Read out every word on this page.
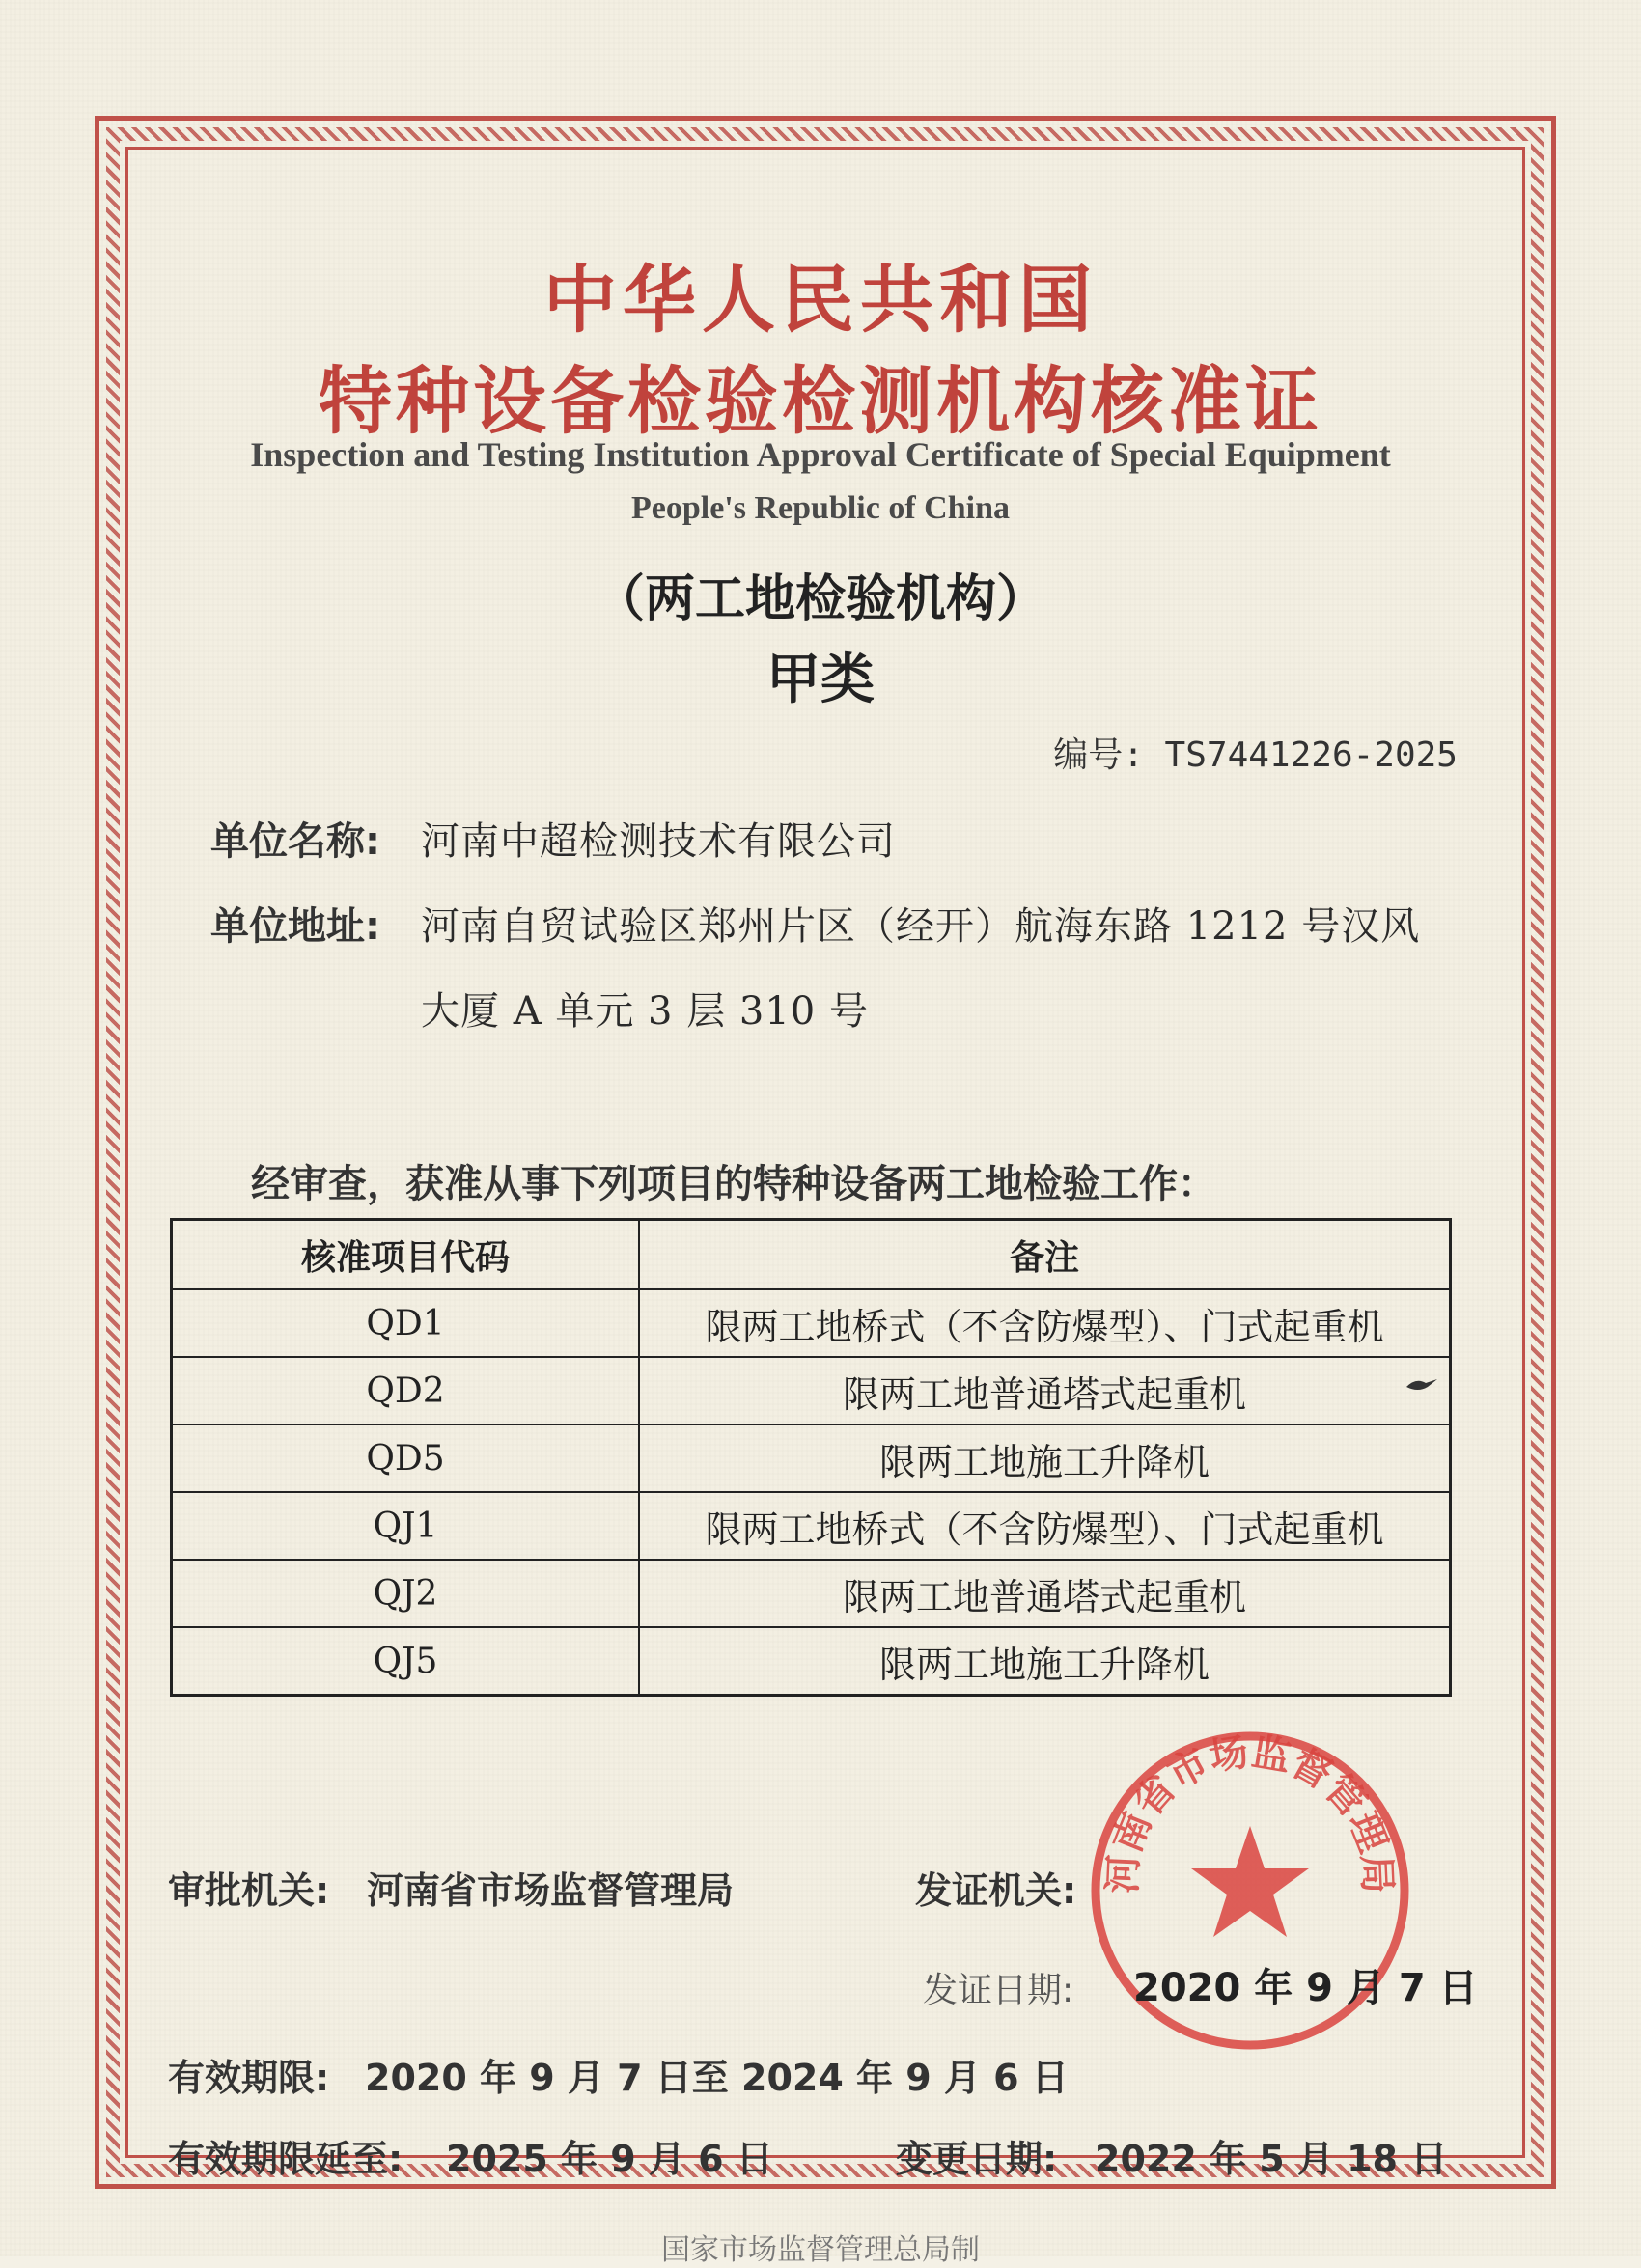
中华人民共和国
特种设备检验检测机构核准证
Inspection and Testing Institution Approval Certificate of Special Equipment
People's Republic of China
（两工地检验机构）
甲类
编号: TS7441226-2025
单位名称: 河南中超检测技术有限公司
单位地址: 河南自贸试验区郑州片区（经开）航海东路 1212 号汉风
大厦 A 单元 3 层 310 号
经审查，获准从事下列项目的特种设备两工地检验工作：
核准项目代码	备注
QD1	限两工地桥式（不含防爆型）、门式起重机
QD2	限两工地普通塔式起重机
QD5	限两工地施工升降机
QJ1	限两工地桥式（不含防爆型）、门式起重机
QJ2	限两工地普通塔式起重机
QJ5	限两工地施工升降机
审批机关: 河南省市场监督管理局	发证机关: 河南省市场监督管理局
发证日期: 2020 年 9 月 7 日
有效期限: 2020 年 9 月 7 日至 2024 年 9 月 6 日
有效期限延至: 2025 年 9 月 6 日	变更日期: 2022 年 5 月 18 日
国家市场监督管理总局制
